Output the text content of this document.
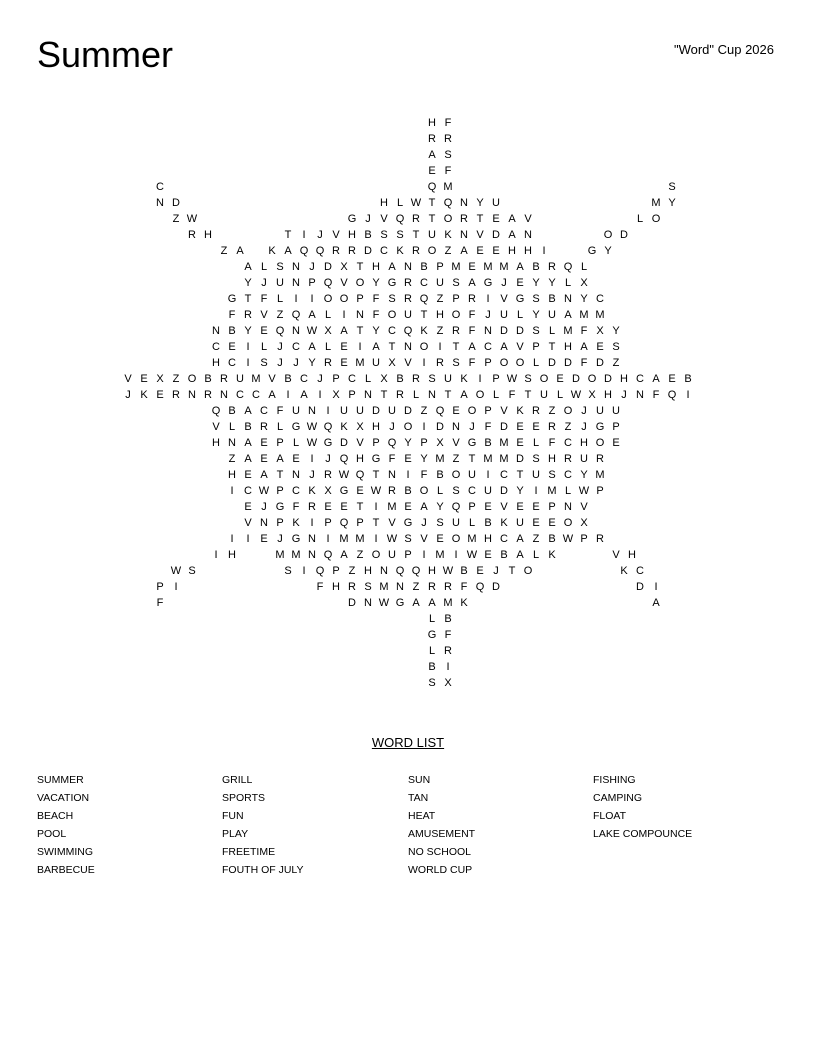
Summer	"Word" Cup 2026
H F
R R
A S
E F
C	Q M	S
N D	H L W T Q N Y U	M Y
Z W	G J V Q R T O R T E A V	L O
R H	T	I	J V H B S S T U K N V D A N	O D
Z A	K A Q Q R R D C K R O Z A E E H H I	G Y
A L S N J D X T H A N B P M E M M A B R Q L
Y J U N P Q V O Y G R C U S A G J E Y Y L X
G T F L	I	I O O P F S R Q Z P R I V G S B N Y C
F R V Z Q A L	I N F O U T H O F J U L Y U A M M
N B Y E Q N W X A T Y C Q K Z R F N D D S L M F X Y
C E I	L J C A L E I A T N O I	T A C A V P T H A E S
H C I S J J Y R E M U X V I R S F P O O L D D F D Z
V E X Z O B R U M V B C J P C L X B R S U K I P W S O E D O D H C A E B
J K E R N R N C C A I A I X P N T R L N T A O L F T U L W X H J N F Q I
Q B A C F U N I U U D U D Z Q E O P V K R Z O J U U
V L B R L G W Q K X H J O I D N J F D E E R Z J G P
H N A E P L W G D V P Q Y P X V G B M E L F C H O E
Z A E A E I	J Q H G F E Y M Z T M M D S H R U R
H E A T N J R W Q T N I	F B O U I C T U S C Y M
I C W P C K X G E W R B O L S C U D Y I M L W P
E J G F R E E T	I M E A Y Q P E V E E P N V
V N P K I P Q P T V G J S U L B K U E E O X
I	I E J G N I M M I W S V E O M H C A Z B W P R
I H	M M N Q A Z O U P I M I W E B A L K	V H
W S	S I Q P Z H N Q Q H W B E J T O	K C
P I	F H R S M N Z R R F Q D	D I
F	D N W G A A M K	A
L B
G F
L R
B I
S X
WORD LIST
SUMMER
VACATION
BEACH
POOL
SWIMMING
BARBECUE
GRILL
SPORTS
FUN
PLAY
FREETIME
FOUTH OF JULY
SUN
TAN
HEAT
AMUSEMENT
NO SCHOOL
WORLD CUP
FISHING
CAMPING
FLOAT
LAKE COMPOUNCE
